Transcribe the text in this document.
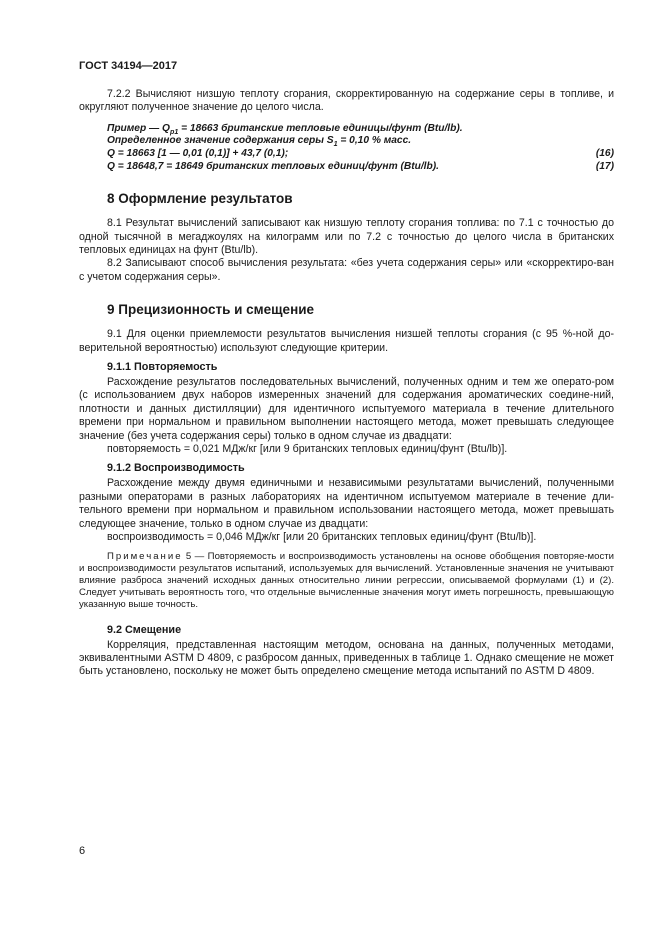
ГОСТ 34194—2017

7.2.2 Вычисляют низшую теплоту сгорания, скорректированную на содержание серы в топливе, и округляют полученное значение до целого числа.

Пример — $Q_{p1} = 18663$ британские тепловые единицы/фунт (Btu/lb).
Определенное значение содержания серы $S_1 = 0,10$ % масс.
Q = 18663 [1 — 0,01 (0,1)] + 43,7 (0,1);	(16)
Q = 18648,7 = 18649 британских тепловых единиц/фунт (Btu/lb).	(17)
8 Оформление результатов

8.1 Результат вычислений записывают как низшую теплоту сгорания топлива: по 7.1 с точностью до одной тысячной в мегаджоулях на килограмм или по 7.2 с точностью до целого числа в британских тепловых единицах на фунт (Btu/lb).

8.2 Записывают способ вычисления результата: «без учета содержания серы» или «скорректиро-ван с учетом содержания серы».

9 Прецизионность и смещение

9.1 Для оценки приемлемости результатов вычисления низшей теплоты сгорания (с 95 %-ной до-верительной вероятностью) используют следующие критерии.

9.1.1 Повторяемость

Расхождение результатов последовательных вычислений, полученных одним и тем же операто-ром (с использованием двух наборов измеренных значений для содержания ароматических соедине-ний, плотности и данных дистилляции) для идентичного испытуемого материала в течение длительного времени при нормальном и правильном выполнении настоящего метода, может превышать следующее значение (без учета содержания серы) только в одном случае из двадцати:

повторяемость = 0,021 МДж/кг [или 9 британских тепловых единиц/фунт (Btu/lb)].

9.1.2 Воспроизводимость

Расхождение между двумя единичными и независимыми результатами вычислений, полученными разными операторами в разных лабораториях на идентичном испытуемом материале в течение дли-тельного времени при нормальном и правильном использовании настоящего метода, может превышать следующее значение, только в одном случае из двадцати:

воспроизводимость = 0,046 МДж/кг [или 20 британских тепловых единиц/фунт (Btu/lb)].

Примечание 5 — Повторяемость и воспроизводимость установлены на основе обобщения повторяе-мости и воспроизводимости результатов испытаний, используемых для вычислений. Установленные значения не учитывают влияние разброса значений исходных данных относительно линии регрессии, описываемой формулами (1) и (2). Следует учитывать вероятность того, что отдельные вычисленные значения могут иметь погрешность, превышающую указанную выше точность.

9.2 Смещение

Корреляция, представленная настоящим методом, основана на данных, полученных методами, эквивалентными ASTM D 4809, с разбросом данных, приведенных в таблице 1. Однако смещение не может быть установлено, поскольку не может быть определено смещение метода испытаний по ASTM D 4809.

6
